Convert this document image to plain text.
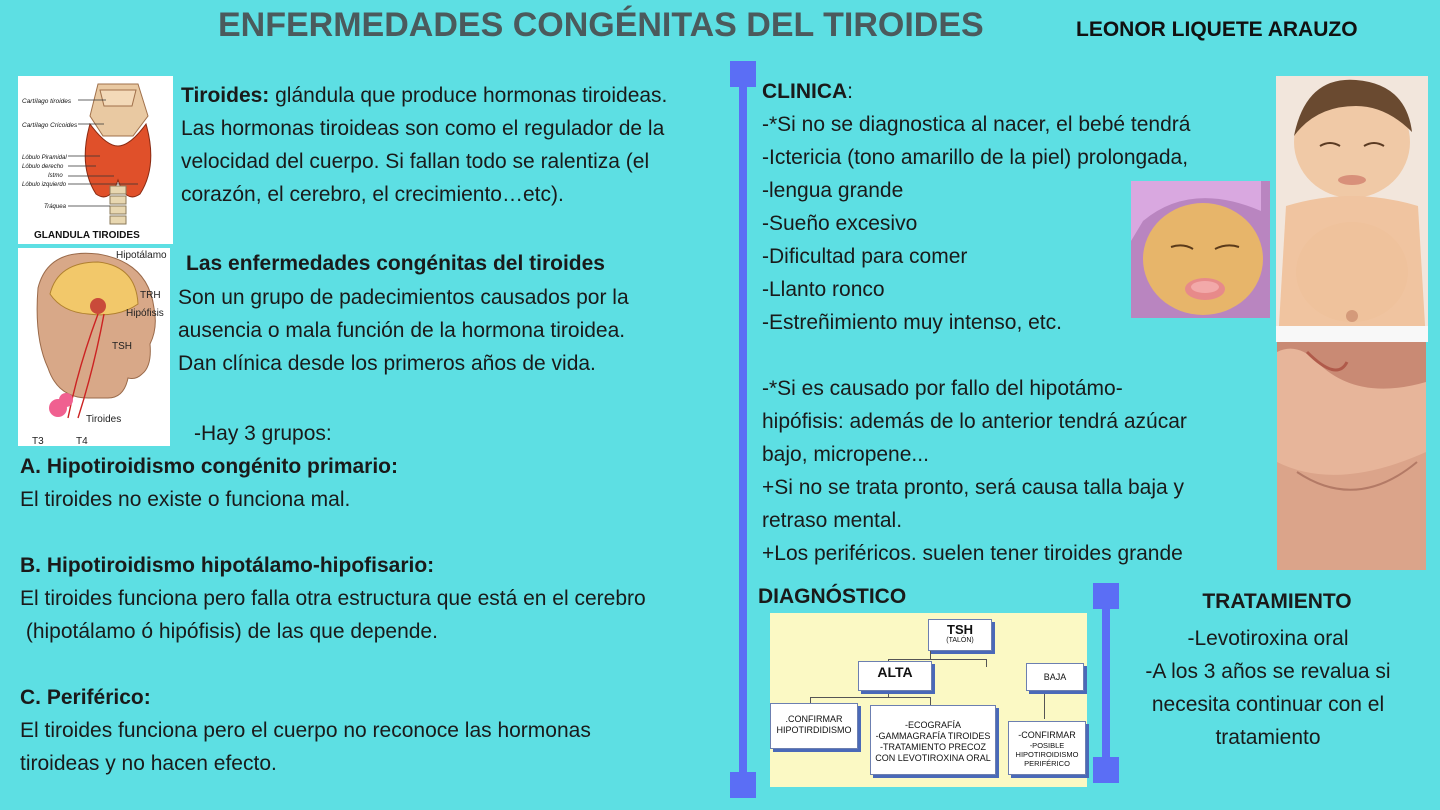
ENFERMEDADES CONGÉNITAS DEL TIROIDES	LEONOR LIQUETE ARAUZO
Cartílago tiroides
Cartílago Cricoides
Lóbulo Piramidal
Lóbulo derecho
Istmo
Lóbulo izquierdo
Tráquea
GLANDULA TIROIDES
Hipotálamo
TRH
Hipófisis
TSH
Tiroides
T3	T4
Tiroides: glándula que produce hormonas tiroideas.
Las hormonas tiroideas son como el regulador de la
velocidad del cuerpo. Si fallan todo se ralentiza (el
corazón, el cerebro, el crecimiento…etc).
Las enfermedades congénitas del tiroides
Son un grupo de padecimientos causados por la
ausencia o mala función de la hormona tiroidea.
Dan clínica desde los primeros años de vida.
-Hay 3 grupos:
A. Hipotiroidismo congénito primario:
El tiroides no existe o funciona mal.

B. Hipotiroidismo hipotálamo-hipofisario:
El tiroides funciona pero falla otra estructura que está en el cerebro
(hipotálamo ó hipófisis) de las que depende.

C. Periférico:
El tiroides funciona pero el cuerpo no reconoce las hormonas
tiroideas y no hacen efecto.
CLINICA:
-*Si no se diagnostica al nacer, el bebé tendrá
-Ictericia (tono amarillo de la piel) prolongada,
-lengua grande
-Sueño excesivo
-Dificultad para comer
-Llanto ronco
-Estreñimiento muy intenso, etc.

-*Si es causado por fallo del hipotámo-
hipófisis: además de lo anterior tendrá azúcar
bajo, micropene...
+Si no se trata pronto, será causa talla baja y
retraso mental.
+Los periféricos. suelen tener tiroides grande
DIAGNÓSTICO
TSH
(TALÓN)
ALTA	BAJA
.CONFIRMAR HIPOTIRDIDISMO	-ECOGRAFÍA
-GAMMAGRAFÍA TIROIDES
-TRATAMIENTO PRECOZ CON LEVOTIROXINA ORAL
-CONFIRMAR
-POSIBLE HIPOTIROIDISMO PERIFÉRICO
TRATAMIENTO
-Levotiroxina oral
-A los 3 años se revalua si
necesita continuar con el
tratamiento
